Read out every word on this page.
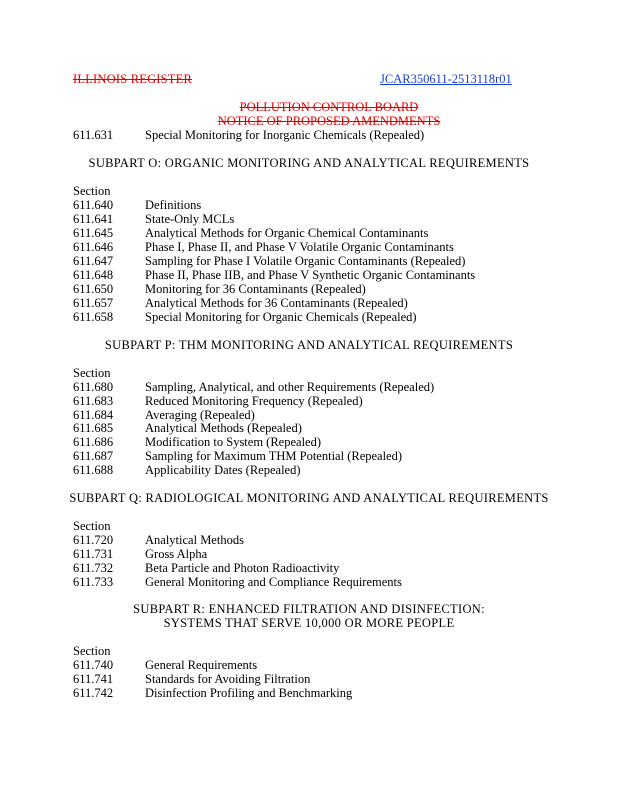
ILLINOIS REGISTER	JCAR350611-2513118r01
POLLUTION CONTROL BOARD
NOTICE OF PROPOSED AMENDMENTS
611.631	Special Monitoring for Inorganic Chemicals (Repealed)
SUBPART O: ORGANIC MONITORING AND ANALYTICAL REQUIREMENTS
Section
611.640	Definitions
611.641	State-Only MCLs
611.645	Analytical Methods for Organic Chemical Contaminants
611.646	Phase I, Phase II, and Phase V Volatile Organic Contaminants
611.647	Sampling for Phase I Volatile Organic Contaminants (Repealed)
611.648	Phase II, Phase IIB, and Phase V Synthetic Organic Contaminants
611.650	Monitoring for 36 Contaminants (Repealed)
611.657	Analytical Methods for 36 Contaminants (Repealed)
611.658	Special Monitoring for Organic Chemicals (Repealed)
SUBPART P: THM MONITORING AND ANALYTICAL REQUIREMENTS
Section
611.680	Sampling, Analytical, and other Requirements (Repealed)
611.683	Reduced Monitoring Frequency (Repealed)
611.684	Averaging (Repealed)
611.685	Analytical Methods (Repealed)
611.686	Modification to System (Repealed)
611.687	Sampling for Maximum THM Potential (Repealed)
611.688	Applicability Dates (Repealed)
SUBPART Q: RADIOLOGICAL MONITORING AND ANALYTICAL REQUIREMENTS
Section
611.720	Analytical Methods
611.731	Gross Alpha
611.732	Beta Particle and Photon Radioactivity
611.733	General Monitoring and Compliance Requirements
SUBPART R: ENHANCED FILTRATION AND DISINFECTION:
SYSTEMS THAT SERVE 10,000 OR MORE PEOPLE
Section
611.740	General Requirements
611.741	Standards for Avoiding Filtration
611.742	Disinfection Profiling and Benchmarking
